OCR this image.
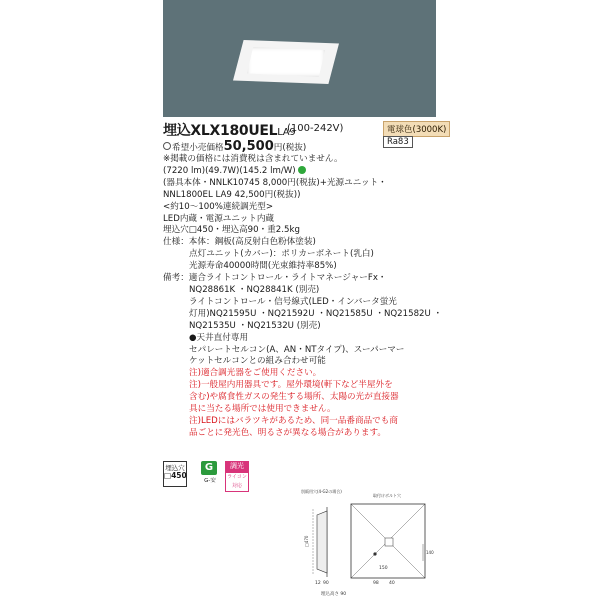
埋込XLX180UELLA9
(100-242V)	電球色(3000K)
Ra83
希望小売価格50,500円(税抜)
※掲載の価格には消費税は含まれていません。
(7220 lm)(49.7W)(145.2 lm/W)
(器具本体・NNLK10745 8,000円(税抜)+光源ユニット・
NNL1800EL LA9 42,500円(税抜))
<約10～100%連続調光型>
LED内蔵・電源ユニット内蔵
埋込穴□450・埋込高90・重2.5kg
仕様：本体：鋼板(高反射白色粉体塗装)
点灯ユニット(カバー)：ポリカーボネート(乳白)
光源寿命40000時間(光束維持率85%)
備考：適合ライトコントロール・ライトマネージャーFx・
NQ28861K ・NQ28841K (別売)
ライトコントロール・信号線式(LED・インバータ蛍光
灯用)NQ21595U ・NQ21592U ・NQ21585U ・NQ21582U ・
NQ21535U ・NQ21532U (別売)
●天井直付専用
セパレートセルコン(A、AN・NTタイプ)、スーパーマー
ケットセルコンとの組み合わせ可能
注)適合調光器をご使用ください。
注)一般屋内用器具です。屋外環境(軒下など半屋外を
含む)や腐食性ガスの発生する場所、太陽の光が直接器
具に当たる場所では使用できません。
注)LEDにはバラツキがあるため、同一品番商品でも商
品ごとに発光色、明るさが異なる場合があります。
埋込穴
□450
G
G-安
調光
ライコン対応
別販用穴(4-G2の場合)
取付けボルト穴
□470
12 90
140
150
98 40
埋込高さ 90
